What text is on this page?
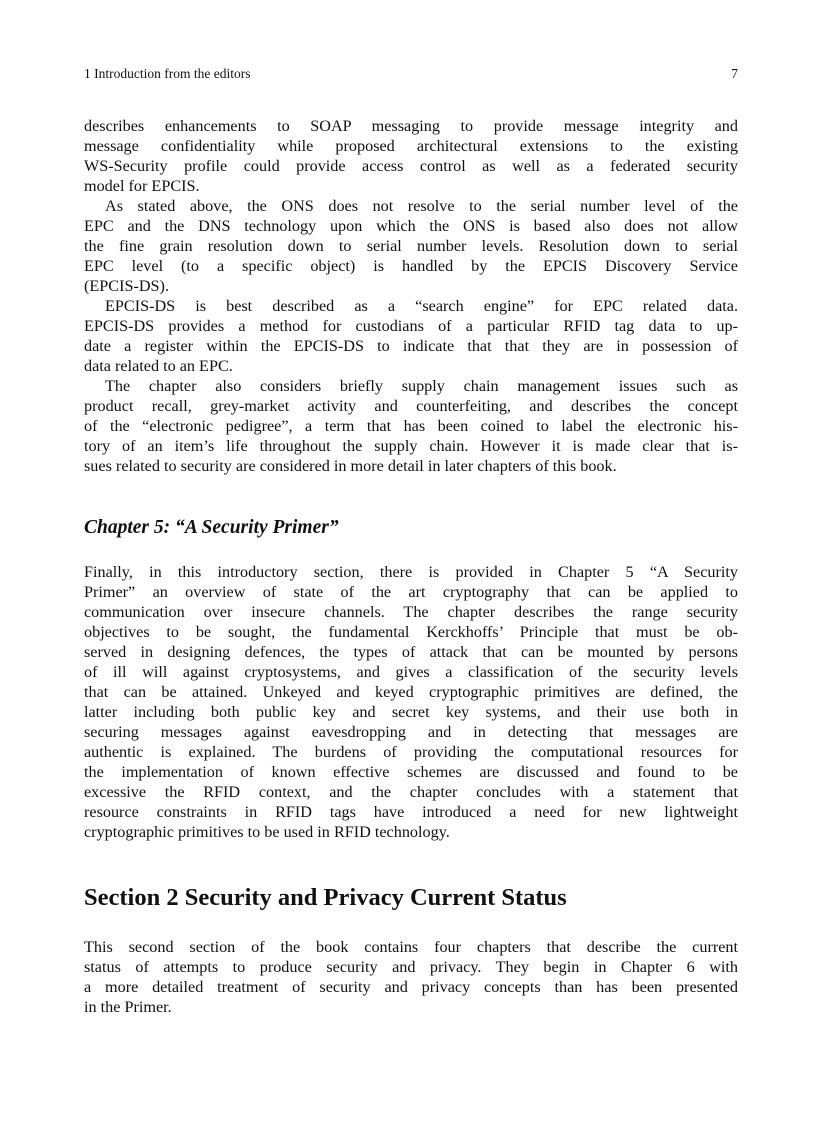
1 Introduction from the editors	7
describes enhancements to SOAP messaging to provide message integrity and
message confidentiality while proposed architectural extensions to the existing
WS-Security profile could provide access control as well as a federated security
model for EPCIS.
As stated above, the ONS does not resolve to the serial number level of the
EPC and the DNS technology upon which the ONS is based also does not allow
the fine grain resolution down to serial number levels. Resolution down to serial
EPC level (to a specific object) is handled by the EPCIS Discovery Service
(EPCIS-DS).
EPCIS-DS is best described as a “search engine” for EPC related data.
EPCIS-DS provides a method for custodians of a particular RFID tag data to up-
date a register within the EPCIS-DS to indicate that that they are in possession of
data related to an EPC.
The chapter also considers briefly supply chain management issues such as
product recall, grey-market activity and counterfeiting, and describes the concept
of the “electronic pedigree”, a term that has been coined to label the electronic his-
tory of an item’s life throughout the supply chain. However it is made clear that is-
sues related to security are considered in more detail in later chapters of this book.
Chapter 5: “A Security Primer”
Finally, in this introductory section, there is provided in Chapter 5 “A Security
Primer” an overview of state of the art cryptography that can be applied to
communication over insecure channels. The chapter describes the range security
objectives to be sought, the fundamental Kerckhoffs’ Principle that must be ob-
served in designing defences, the types of attack that can be mounted by persons
of ill will against cryptosystems, and gives a classification of the security levels
that can be attained. Unkeyed and keyed cryptographic primitives are defined, the
latter including both public key and secret key systems, and their use both in
securing messages against eavesdropping and in detecting that messages are
authentic is explained. The burdens of providing the computational resources for
the implementation of known effective schemes are discussed and found to be
excessive the RFID context, and the chapter concludes with a statement that
resource constraints in RFID tags have introduced a need for new lightweight
cryptographic primitives to be used in RFID technology.
Section 2 Security and Privacy Current Status
This second section of the book contains four chapters that describe the current
status of attempts to produce security and privacy. They begin in Chapter 6 with
a more detailed treatment of security and privacy concepts than has been presented
in the Primer.
